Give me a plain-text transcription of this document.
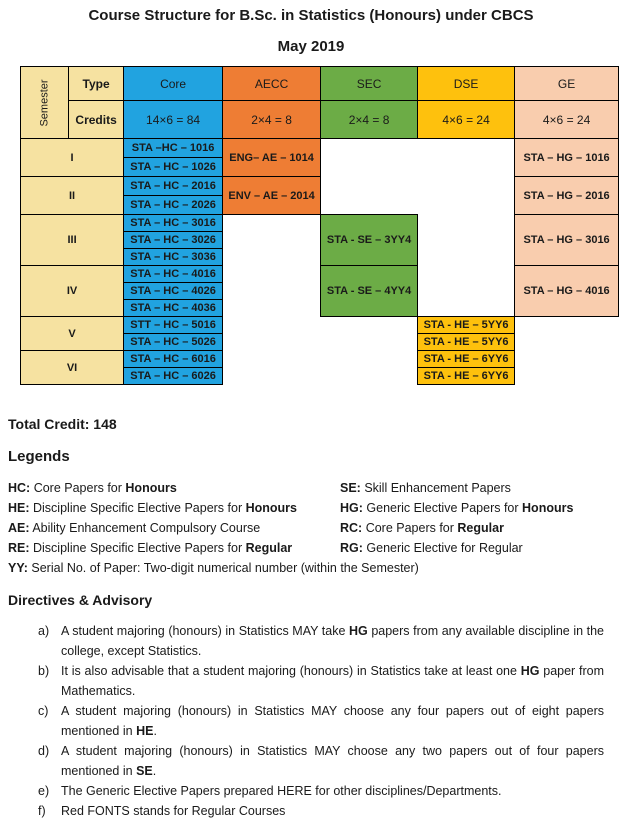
Course Structure for B.Sc. in Statistics (Honours) under CBCS
May 2019
Semester	Type	Core	AECC	SEC	DSE	GE
	Credits	14×6 = 84	2×4 = 8	2×4 = 8	4×6 = 24	4×6 = 24
I		STA –HC – 1016	ENG– AE – 1014			STA – HG – 1016
		STA – HC – 1026				
II		STA – HC – 2016	ENV – AE – 2014			STA – HG – 2016
		STA – HC – 2026				
III		STA – HC – 3016		STA - SE – 3YY4		STA – HG – 3016
		STA – HC – 3026				
		STA – HC – 3036				
IV		STA – HC – 4016		STA - SE – 4YY4		STA – HG – 4016
		STA – HC – 4026				
		STA – HC – 4036				
V		STT – HC – 5016			STA - HE – 5YY6	
		STA – HC – 5026			STA - HE – 5YY6	
VI		STA – HC – 6016			STA - HE – 6YY6	
		STA – HC – 6026			STA - HE – 6YY6	
Total Credit: 148
Legends
HC: Core Papers for Honours	SE: Skill Enhancement Papers
HE: Discipline Specific Elective Papers for Honours	HG: Generic Elective Papers for Honours
AE: Ability Enhancement Compulsory Course	RC: Core Papers for Regular
RE: Discipline Specific Elective Papers for Regular	RG: Generic Elective for Regular
YY: Serial No. of Paper: Two-digit numerical number (within the Semester)
Directives & Advisory
a) A student majoring (honours) in Statistics MAY take HG papers from any available discipline in the college, except Statistics.
b) It is also advisable that a student majoring (honours) in Statistics take at least one HG paper from Mathematics.
c) A student majoring (honours) in Statistics MAY choose any four papers out of eight papers mentioned in HE.
d) A student majoring (honours) in Statistics MAY choose any two papers out of four papers mentioned in SE.
e) The Generic Elective Papers prepared HERE for other disciplines/Departments.
f) Red FONTS stands for Regular Courses
